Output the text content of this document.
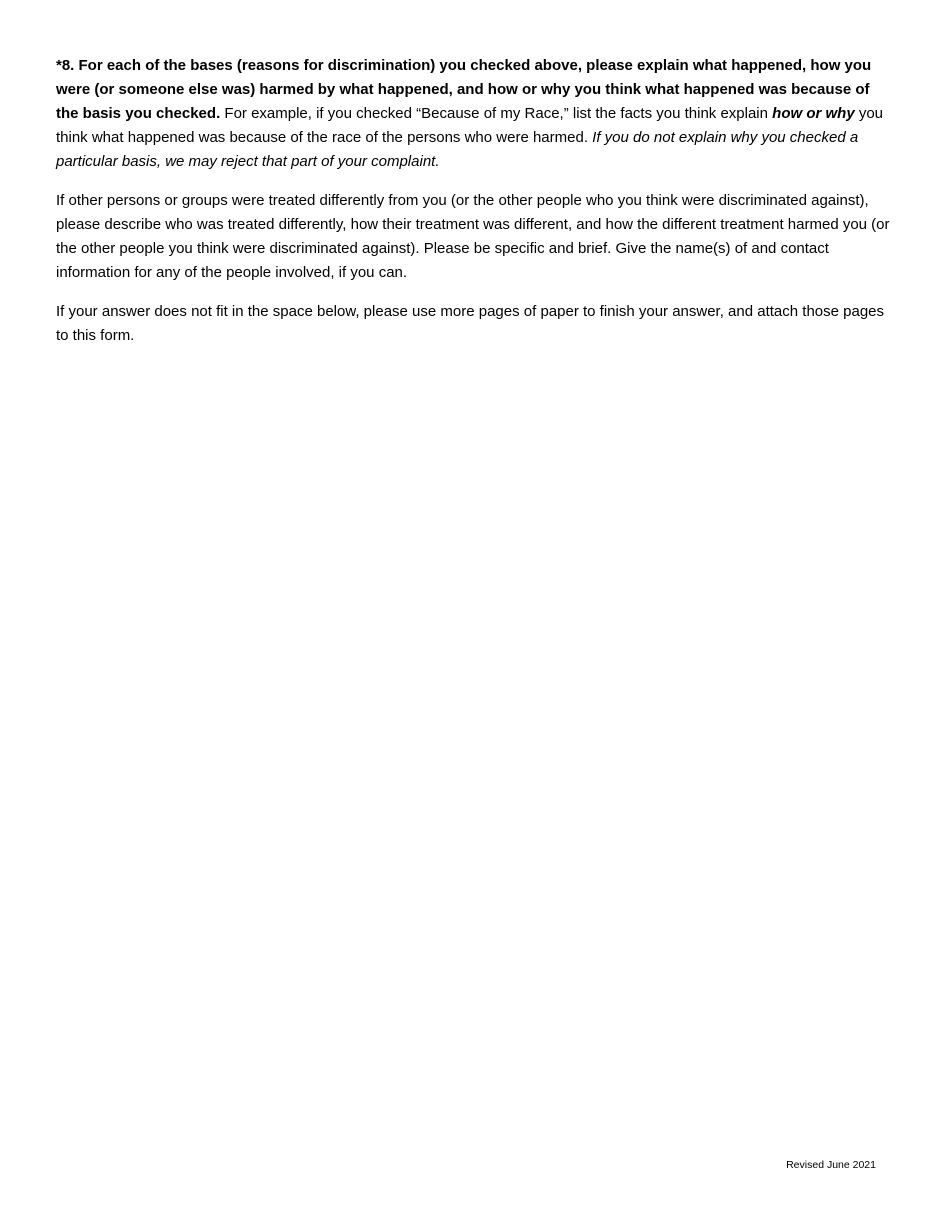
*8. For each of the bases (reasons for discrimination) you checked above, please explain what happened, how you were (or someone else was) harmed by what happened, and how or why you think what happened was because of the basis you checked. For example, if you checked “Because of my Race,” list the facts you think explain how or why you think what happened was because of the race of the persons who were harmed. If you do not explain why you checked a particular basis, we may reject that part of your complaint.

If other persons or groups were treated differently from you (or the other people who you think were discriminated against), please describe who was treated differently, how their treatment was different, and how the different treatment harmed you (or the other people you think were discriminated against). Please be specific and brief. Give the name(s) of and contact information for any of the people involved, if you can.

If your answer does not fit in the space below, please use more pages of paper to finish your answer, and attach those pages to this form.

Revised June 2021
